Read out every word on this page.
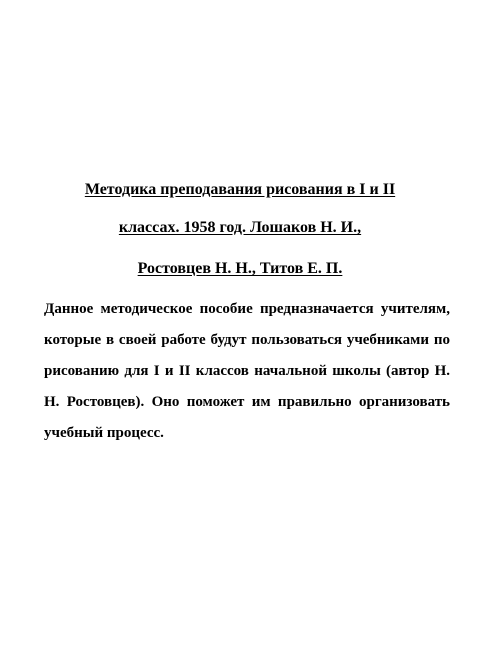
Методика преподавания рисования в I и II
классах. 1958 год. Лошаков Н. И.,
Ростовцев Н. Н., Титов Е. П.

Данное методическое пособие предназначается учителям, которые в своей работе будут пользоваться учебниками по рисованию для I и II классов начальной школы (автор Н. Н. Ростовцев). Оно поможет им правильно организовать учебный процесс.
